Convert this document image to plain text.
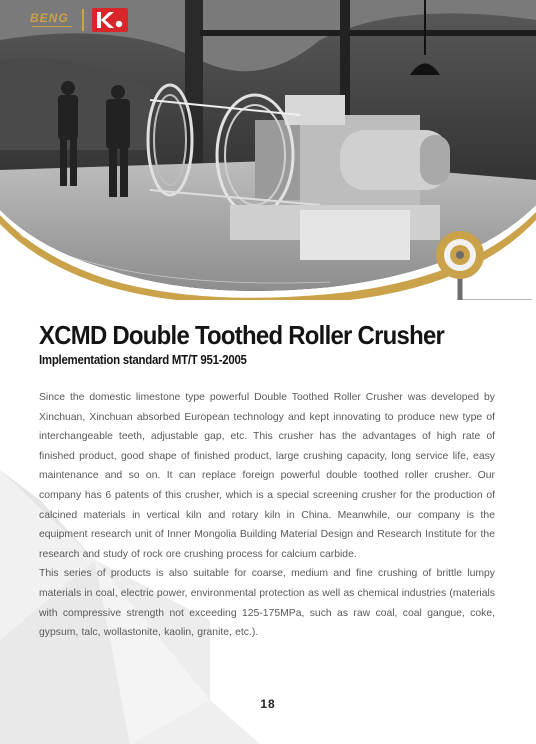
BENG
XCMD Double Toothed Roller Crusher
Implementation standard MT/T 951-2005

Since the domestic limestone type powerful Double Toothed Roller Crusher was developed by Xinchuan, Xinchuan absorbed European technology and kept innovating to produce new type of interchangeable teeth, adjustable gap, etc. This crusher has the advantages of high rate of finished product, good shape of finished product, large crushing capacity, long service life, easy maintenance and so on. It can replace foreign powerful double toothed roller crusher. Our company has 6 patents of this crusher, which is a special screening crusher for the production of calcined materials in vertical kiln and rotary kiln in China. Meanwhile, our company is the equipment research unit of Inner Mongolia Building Material Design and Research Institute for the research and study of rock ore crushing process for calcium carbide.

This series of products is also suitable for coarse, medium and fine crushing of brittle lumpy materials in coal, electric power, environmental protection as well as chemical industries (materials with compressive strength not exceeding 125-175MPa, such as raw coal, coal gangue, coke, gypsum, talc, wollastonite, kaolin, granite, etc.).

18
